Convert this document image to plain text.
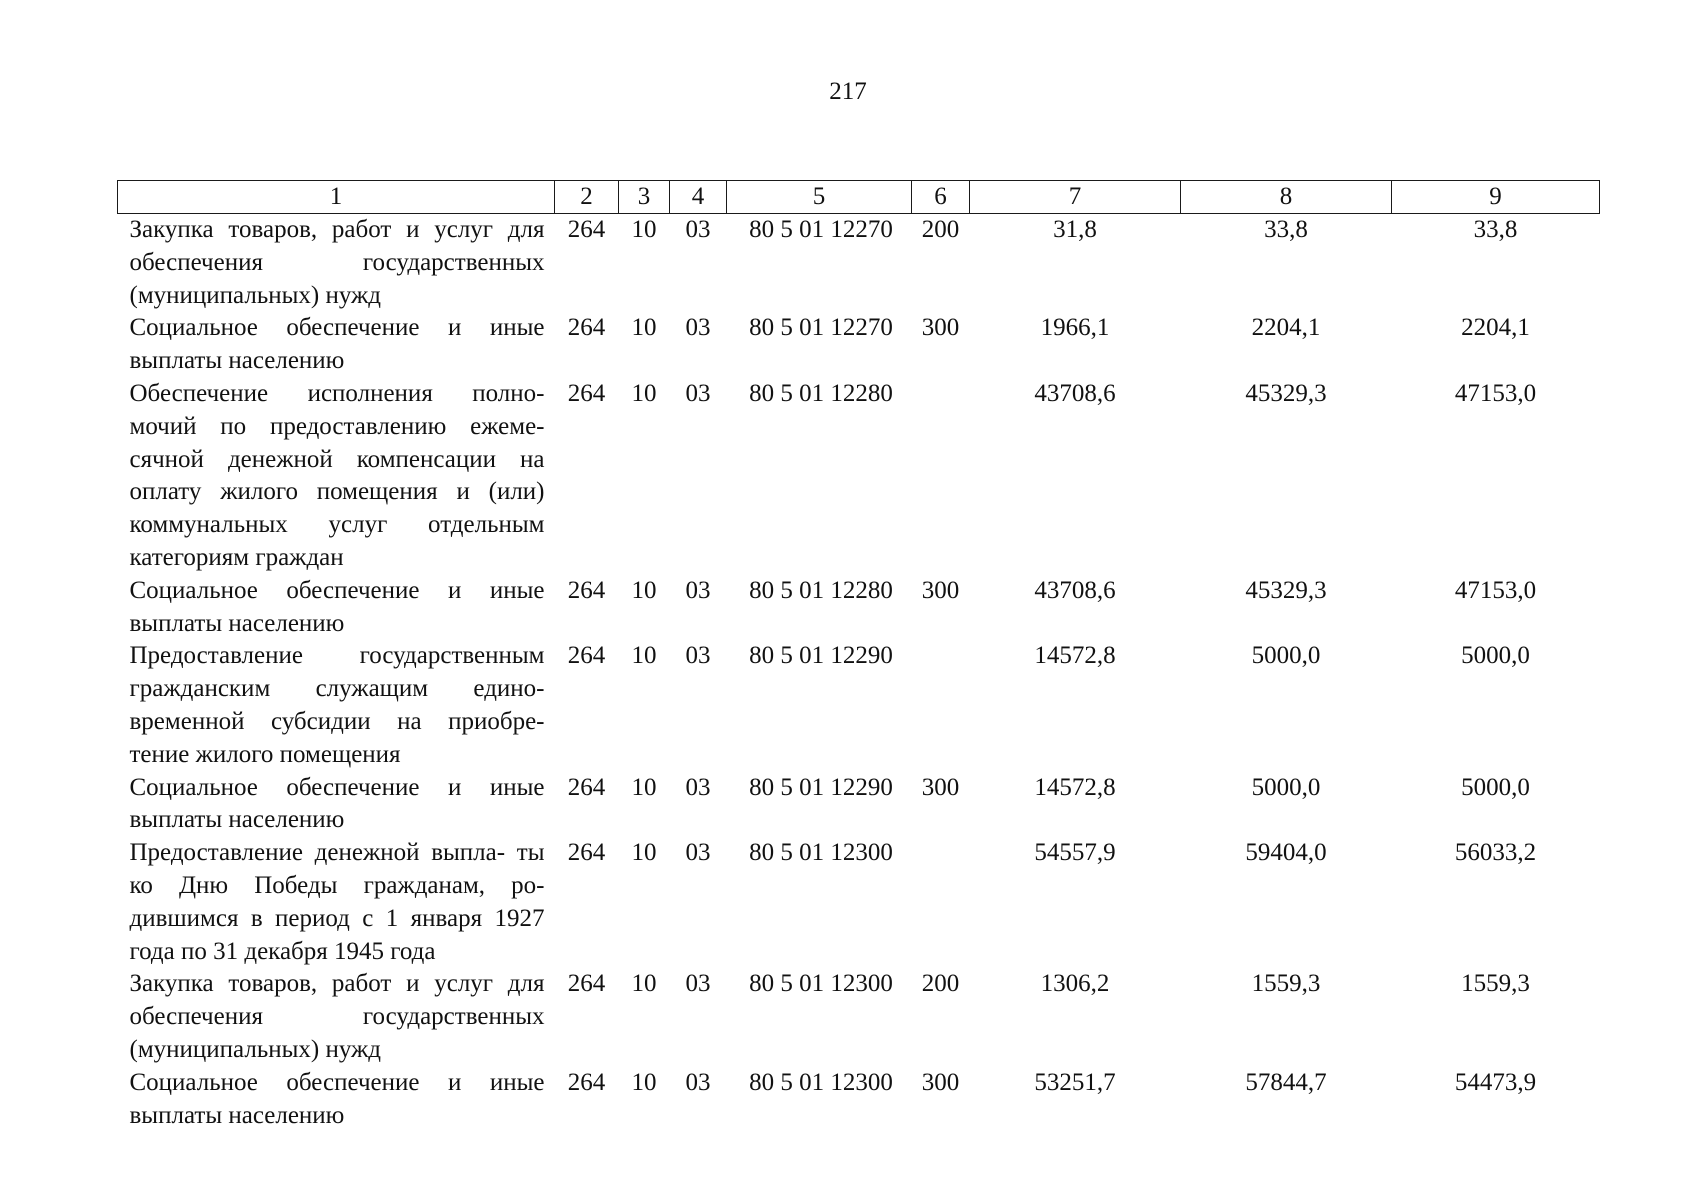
217
1	2	3	4	5	6	7	8	9
Закупка товаров, работ и услуг для обеспечения государственных (муниципальных) нужд	264	10	03	80 5 01 12270	200	31,8	33,8	33,8
Социальное обеспечение и иные выплаты населению	264	10	03	80 5 01 12270	300	1966,1	2204,1	2204,1
Обеспечение исполнения полно- мочий по предоставлению ежеме- сячной денежной компенсации на оплату жилого помещения и (или) коммунальных услуг отдельным категориям граждан	264	10	03	80 5 01 12280		43708,6	45329,3	47153,0
Социальное обеспечение и иные выплаты населению	264	10	03	80 5 01 12280	300	43708,6	45329,3	47153,0
Предоставление государственным гражданским служащим едино- временной субсидии на приобре- тение жилого помещения	264	10	03	80 5 01 12290		14572,8	5000,0	5000,0
Социальное обеспечение и иные выплаты населению	264	10	03	80 5 01 12290	300	14572,8	5000,0	5000,0
Предоставление денежной выпла- ты ко Дню Победы гражданам, ро- дившимся в период с 1 января 1927 года по 31 декабря 1945 года	264	10	03	80 5 01 12300		54557,9	59404,0	56033,2
Закупка товаров, работ и услуг для обеспечения государственных (муниципальных) нужд	264	10	03	80 5 01 12300	200	1306,2	1559,3	1559,3
Социальное обеспечение и иные выплаты населению	264	10	03	80 5 01 12300	300	53251,7	57844,7	54473,9
